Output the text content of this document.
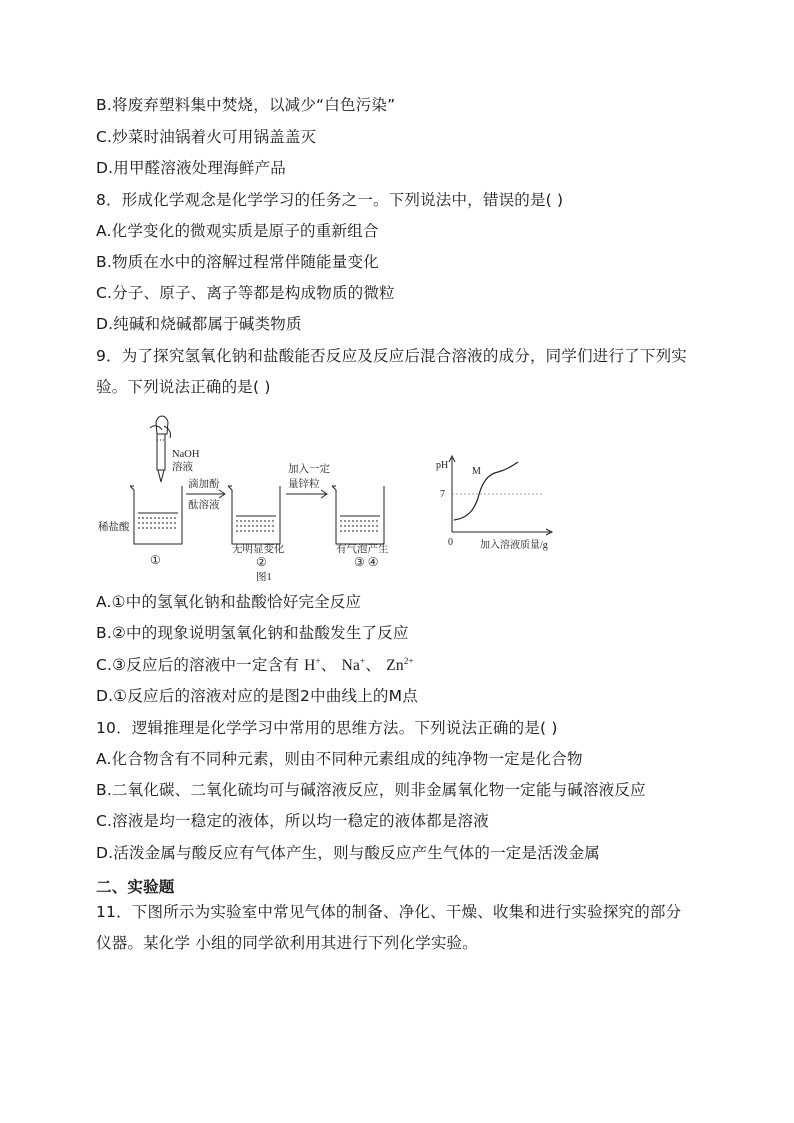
B.将废弃塑料集中焚烧，以减少“白色污染”
C.炒菜时油锅着火可用锅盖盖灭
D.用甲醛溶液处理海鲜产品
8．形成化学观念是化学学习的任务之一。下列说法中，错误的是( )
A.化学变化的微观实质是原子的重新组合
B.物质在水中的溶解过程常伴随能量变化
C.分子、原子、离子等都是构成物质的微粒
D.纯碱和烧碱都属于碱类物质
9．为了探究氢氧化钠和盐酸能否反应及反应后混合溶液的成分，同学们进行了下列实
验。下列说法正确的是( )
NaOH
溶液
稀盐酸
①
滴加酚
酞溶液
无明显变化
②
图1
加入一定
量锌粒
有气泡产生
③ ④
pH
7
0
M
加入溶液质量/g
A.①中的氢氧化钠和盐酸恰好完全反应
B.②中的现象说明氢氧化钠和盐酸发生了反应
C.③反应后的溶液中一定含有 H+、 Na+、 $Zn^{2+}$
D.①反应后的溶液对应的是图2中曲线上的M点
10．逻辑推理是化学学习中常用的思维方法。下列说法正确的是( )
A.化合物含有不同种元素，则由不同种元素组成的纯净物一定是化合物
B.二氧化碳、二氧化硫均可与碱溶液反应，则非金属氧化物一定能与碱溶液反应
C.溶液是均一稳定的液体，所以均一稳定的液体都是溶液
D.活泼金属与酸反应有气体产生，则与酸反应产生气体的一定是活泼金属
二、实验题
11．下图所示为实验室中常见气体的制备、净化、干燥、收集和进行实验探究的部分
仪器。某化学 小组的同学欲利用其进行下列化学实验。
